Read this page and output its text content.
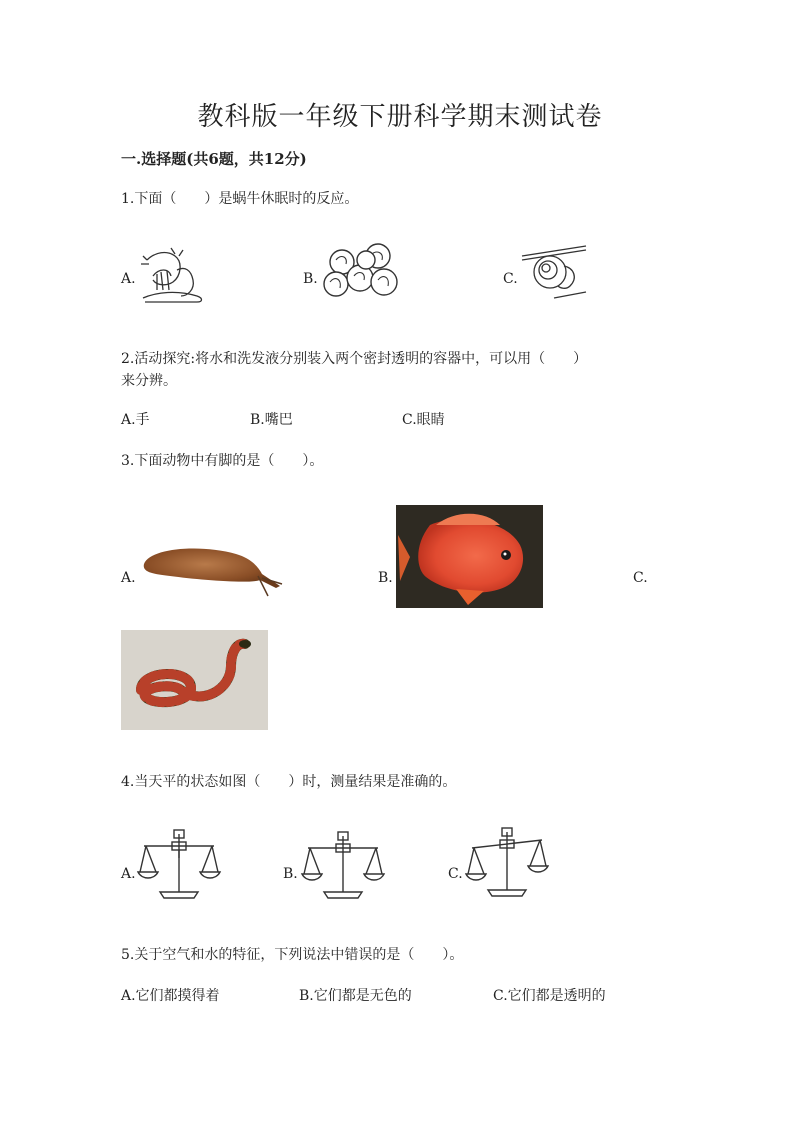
教科版一年级下册科学期末测试卷
一.选择题(共6题，共12分)
1.下面（　　）是蜗牛休眠时的反应。
A.	B.	C.
2.活动探究:将水和洗发液分别装入两个密封透明的容器中，可以用（　　）
来分辨。
A.手	B.嘴巴	C.眼睛
3.下面动物中有脚的是（　　）。
A.	B.	C.
4.当天平的状态如图（　　）时，测量结果是准确的。
A.	B.	C.
5.关于空气和水的特征，下列说法中错误的是（　　）。
A.它们都摸得着	B.它们都是无色的	C.它们都是透明的
